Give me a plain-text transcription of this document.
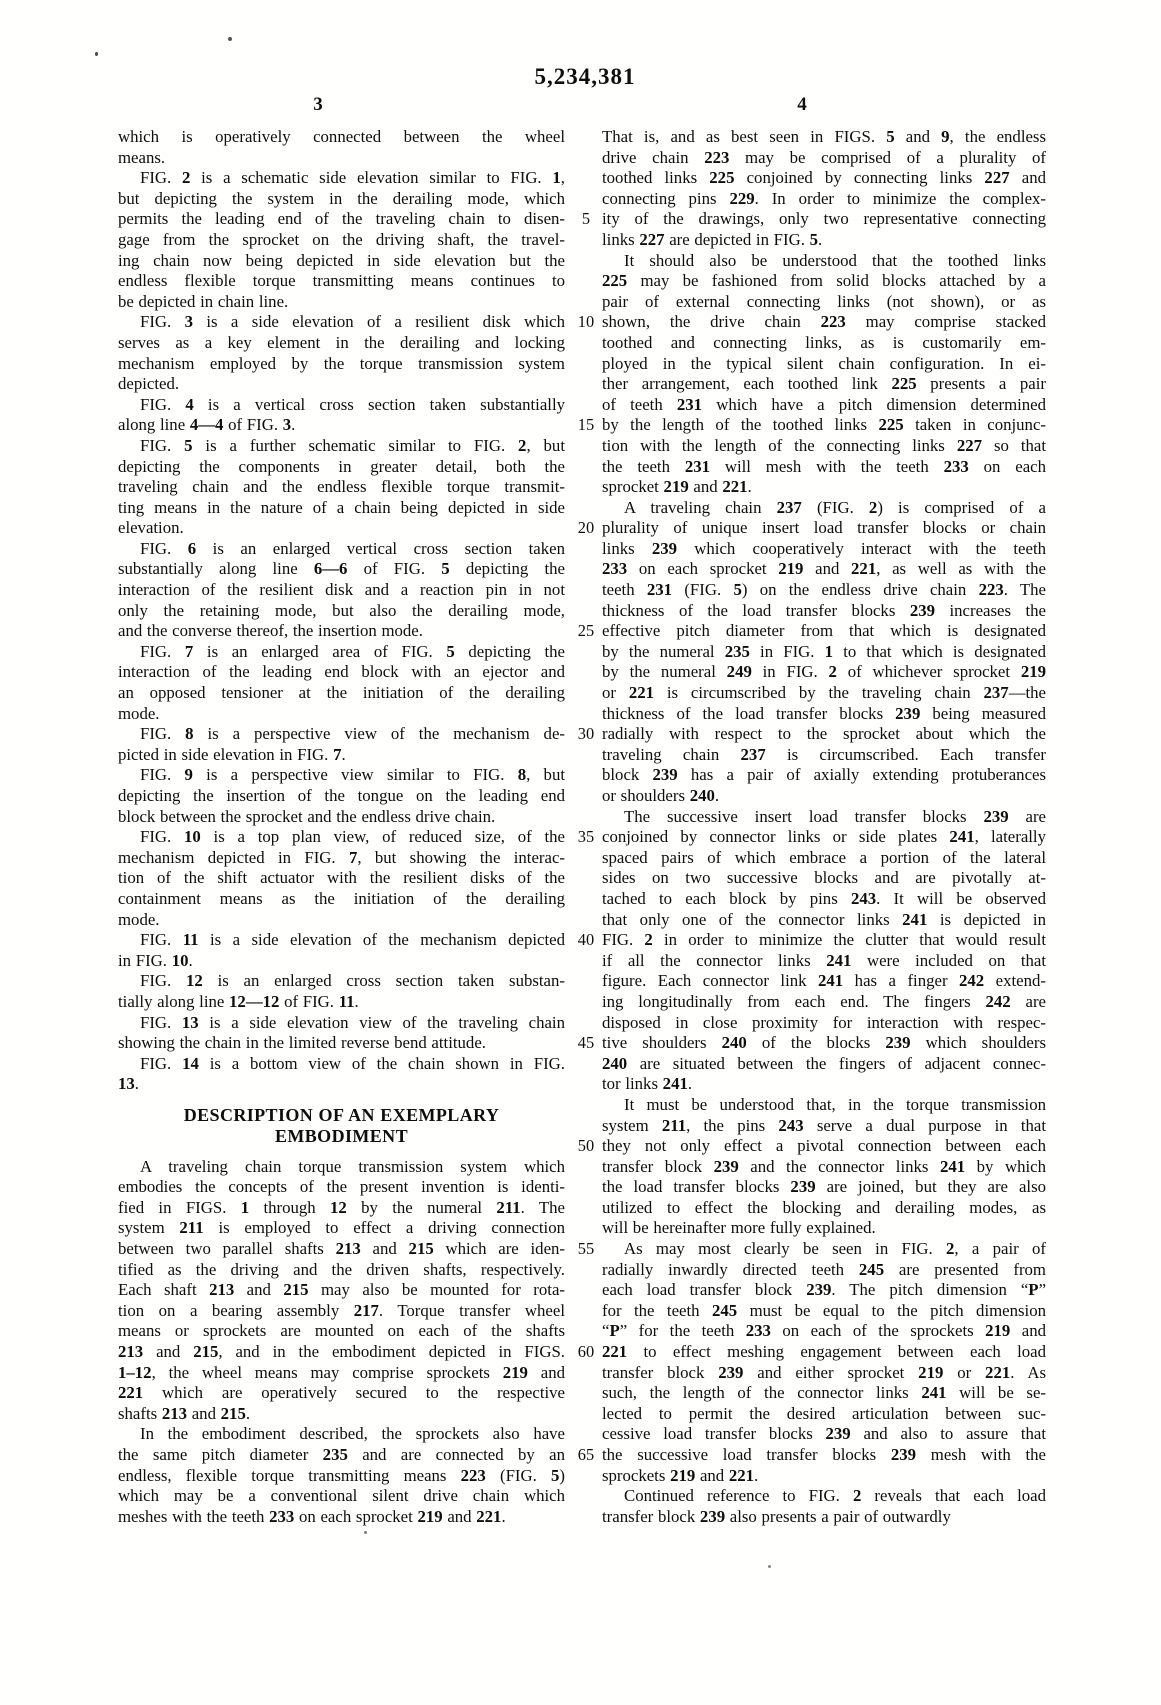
5,234,381
3	4
which is operatively connected between the wheel
means.
FIG. 2 is a schematic side elevation similar to FIG. 1,
but depicting the system in the derailing mode, which
permits the leading end of the traveling chain to disen-
gage from the sprocket on the driving shaft, the travel-
ing chain now being depicted in side elevation but the
endless flexible torque transmitting means continues to
be depicted in chain line.
FIG. 3 is a side elevation of a resilient disk which
serves as a key element in the derailing and locking
mechanism employed by the torque transmission system
depicted.
FIG. 4 is a vertical cross section taken substantially
along line 4—4 of FIG. 3.
FIG. 5 is a further schematic similar to FIG. 2, but
depicting the components in greater detail, both the
traveling chain and the endless flexible torque transmit-
ting means in the nature of a chain being depicted in side
elevation.
FIG. 6 is an enlarged vertical cross section taken
substantially along line 6—6 of FIG. 5 depicting the
interaction of the resilient disk and a reaction pin in not
only the retaining mode, but also the derailing mode,
and the converse thereof, the insertion mode.
FIG. 7 is an enlarged area of FIG. 5 depicting the
interaction of the leading end block with an ejector and
an opposed tensioner at the initiation of the derailing
mode.
FIG. 8 is a perspective view of the mechanism de-
picted in side elevation in FIG. 7.
FIG. 9 is a perspective view similar to FIG. 8, but
depicting the insertion of the tongue on the leading end
block between the sprocket and the endless drive chain.
FIG. 10 is a top plan view, of reduced size, of the
mechanism depicted in FIG. 7, but showing the interac-
tion of the shift actuator with the resilient disks of the
containment means as the initiation of the derailing
mode.
FIG. 11 is a side elevation of the mechanism depicted
in FIG. 10.
FIG. 12 is an enlarged cross section taken substan-
tially along line 12—12 of FIG. 11.
FIG. 13 is a side elevation view of the traveling chain
showing the chain in the limited reverse bend attitude.
FIG. 14 is a bottom view of the chain shown in FIG.
13.
DESCRIPTION OF AN EXEMPLARY
EMBODIMENT
A traveling chain torque transmission system which
embodies the concepts of the present invention is identi-
fied in FIGS. 1 through 12 by the numeral 211. The
system 211 is employed to effect a driving connection
between two parallel shafts 213 and 215 which are iden-
tified as the driving and the driven shafts, respectively.
Each shaft 213 and 215 may also be mounted for rota-
tion on a bearing assembly 217. Torque transfer wheel
means or sprockets are mounted on each of the shafts
213 and 215, and in the embodiment depicted in FIGS.
1–12, the wheel means may comprise sprockets 219 and
221 which are operatively secured to the respective
shafts 213 and 215.
In the embodiment described, the sprockets also have
the same pitch diameter 235 and are connected by an
endless, flexible torque transmitting means 223 (FIG. 5)
which may be a conventional silent drive chain which
meshes with the teeth 233 on each sprocket 219 and 221.
5
10
15
20
25
30
35
40
45
50
55
60
65
That is, and as best seen in FIGS. 5 and 9, the endless
drive chain 223 may be comprised of a plurality of
toothed links 225 conjoined by connecting links 227 and
connecting pins 229. In order to minimize the complex-
ity of the drawings, only two representative connecting
links 227 are depicted in FIG. 5.
It should also be understood that the toothed links
225 may be fashioned from solid blocks attached by a
pair of external connecting links (not shown), or as
shown, the drive chain 223 may comprise stacked
toothed and connecting links, as is customarily em-
ployed in the typical silent chain configuration. In ei-
ther arrangement, each toothed link 225 presents a pair
of teeth 231 which have a pitch dimension determined
by the length of the toothed links 225 taken in conjunc-
tion with the length of the connecting links 227 so that
the teeth 231 will mesh with the teeth 233 on each
sprocket 219 and 221.
A traveling chain 237 (FIG. 2) is comprised of a
plurality of unique insert load transfer blocks or chain
links 239 which cooperatively interact with the teeth
233 on each sprocket 219 and 221, as well as with the
teeth 231 (FIG. 5) on the endless drive chain 223. The
thickness of the load transfer blocks 239 increases the
effective pitch diameter from that which is designated
by the numeral 235 in FIG. 1 to that which is designated
by the numeral 249 in FIG. 2 of whichever sprocket 219
or 221 is circumscribed by the traveling chain 237—the
thickness of the load transfer blocks 239 being measured
radially with respect to the sprocket about which the
traveling chain 237 is circumscribed. Each transfer
block 239 has a pair of axially extending protuberances
or shoulders 240.
The successive insert load transfer blocks 239 are
conjoined by connector links or side plates 241, laterally
spaced pairs of which embrace a portion of the lateral
sides on two successive blocks and are pivotally at-
tached to each block by pins 243. It will be observed
that only one of the connector links 241 is depicted in
FIG. 2 in order to minimize the clutter that would result
if all the connector links 241 were included on that
figure. Each connector link 241 has a finger 242 extend-
ing longitudinally from each end. The fingers 242 are
disposed in close proximity for interaction with respec-
tive shoulders 240 of the blocks 239 which shoulders
240 are situated between the fingers of adjacent connec-
tor links 241.
It must be understood that, in the torque transmission
system 211, the pins 243 serve a dual purpose in that
they not only effect a pivotal connection between each
transfer block 239 and the connector links 241 by which
the load transfer blocks 239 are joined, but they are also
utilized to effect the blocking and derailing modes, as
will be hereinafter more fully explained.
As may most clearly be seen in FIG. 2, a pair of
radially inwardly directed teeth 245 are presented from
each load transfer block 239. The pitch dimension “P”
for the teeth 245 must be equal to the pitch dimension
“P” for the teeth 233 on each of the sprockets 219 and
221 to effect meshing engagement between each load
transfer block 239 and either sprocket 219 or 221. As
such, the length of the connector links 241 will be se-
lected to permit the desired articulation between suc-
cessive load transfer blocks 239 and also to assure that
the successive load transfer blocks 239 mesh with the
sprockets 219 and 221.
Continued reference to FIG. 2 reveals that each load
transfer block 239 also presents a pair of outwardly
